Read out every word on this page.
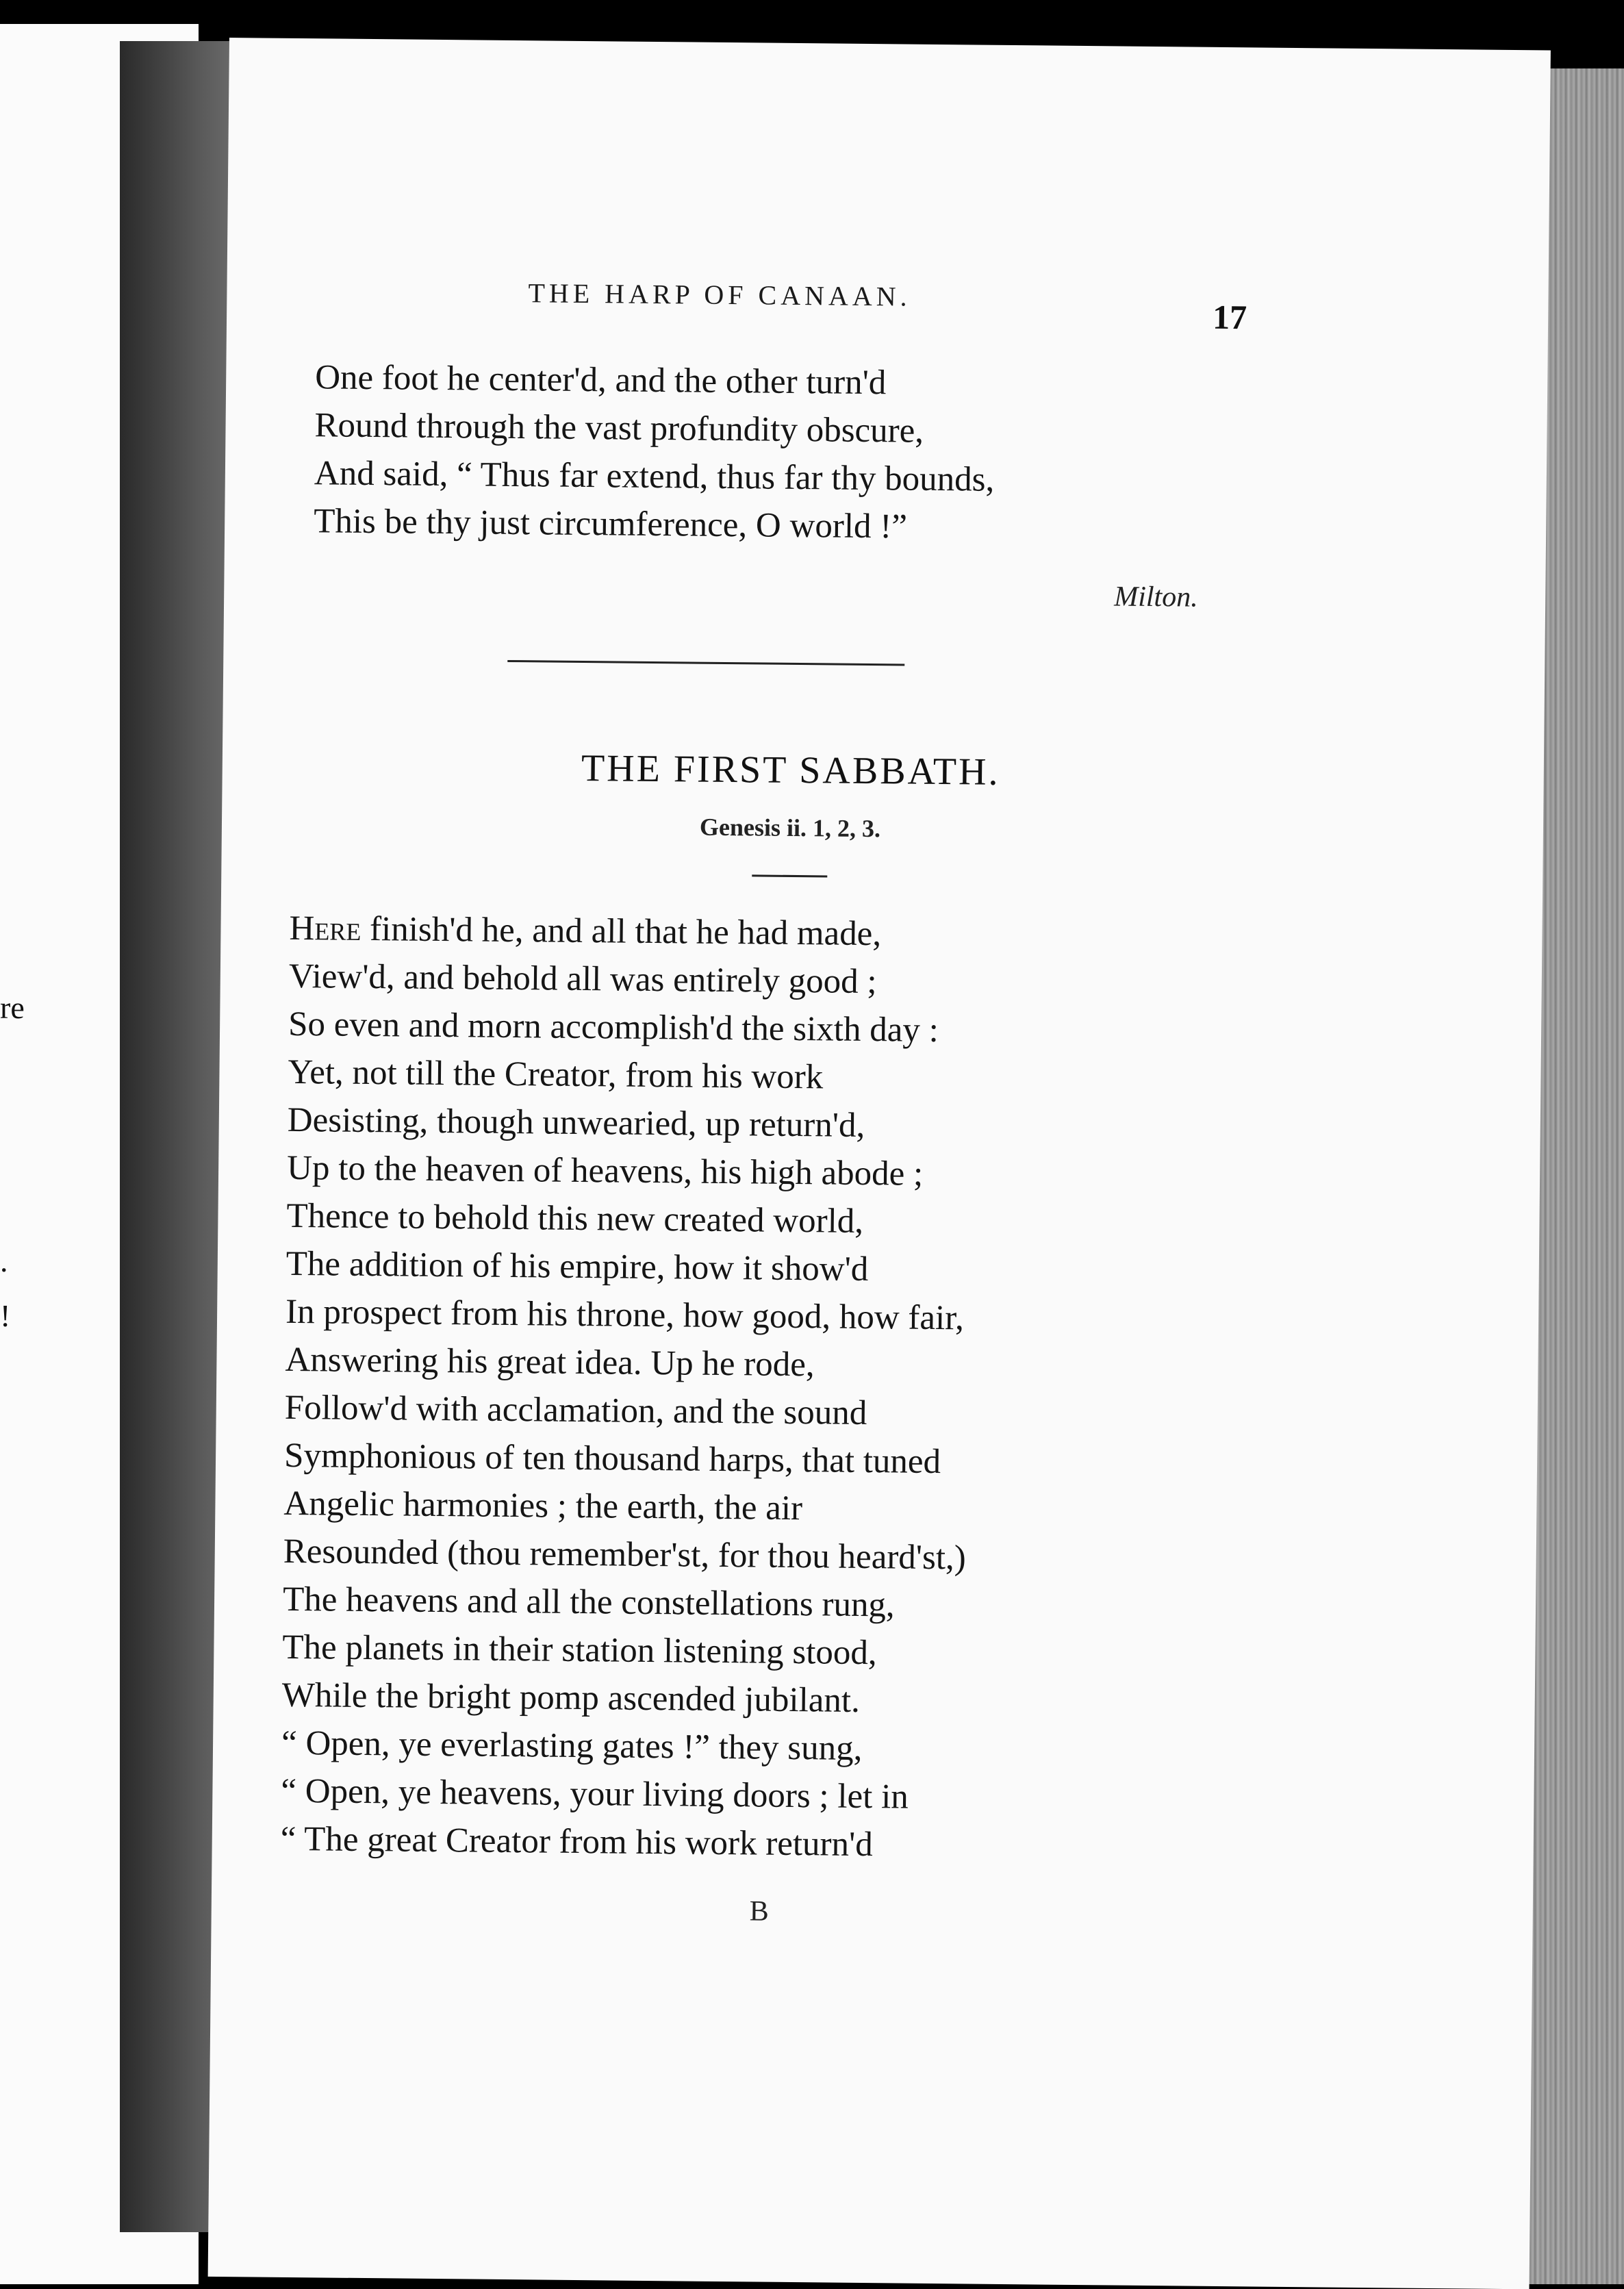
re
.
!
THE HARP OF CANAAN.
17
One foot he center'd, and the other turn'd
Round through the vast profundity obscure,
And said, “ Thus far extend, thus far thy bounds,
This be thy just circumference, O world !”
Milton.
THE FIRST SABBATH.
Genesis ii. 1, 2, 3.
Here finish'd he, and all that he had made,
View'd, and behold all was entirely good ;
So even and morn accomplish'd the sixth day :
Yet, not till the Creator, from his work
Desisting, though unwearied, up return'd,
Up to the heaven of heavens, his high abode ;
Thence to behold this new created world,
The addition of his empire, how it show'd
In prospect from his throne, how good, how fair,
Answering his great idea. Up he rode,
Follow'd with acclamation, and the sound
Symphonious of ten thousand harps, that tuned
Angelic harmonies ; the earth, the air
Resounded (thou remember'st, for thou heard'st,)
The heavens and all the constellations rung,
The planets in their station listening stood,
While the bright pomp ascended jubilant.
“ Open, ye everlasting gates !” they sung,
“ Open, ye heavens, your living doors ; let in
“ The great Creator from his work return'd
B
